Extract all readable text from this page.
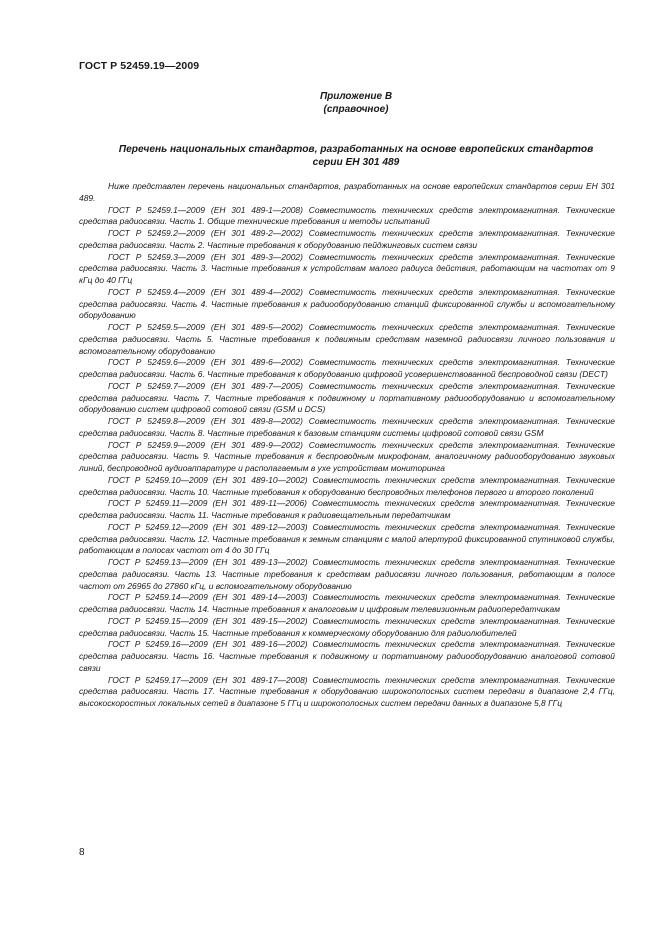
ГОСТ Р 52459.19—2009
Приложение В
(справочное)
Перечень национальных стандартов, разработанных на основе европейских стандартов
серии ЕН 301 489

Ниже представлен перечень национальных стандартов, разработанных на основе европейских стандартов серии ЕН 301 489.

ГОСТ Р 52459.1—2009 (ЕН 301 489-1—2008) Совместимость технических средств электромагнитная. Технические средства радиосвязи. Часть 1. Общие технические требования и методы испытаний

ГОСТ Р 52459.2—2009 (ЕН 301 489-2—2002) Совместимость технических средств электромагнитная. Технические средства радиосвязи. Часть 2. Частные требования к оборудованию пейджинговых систем связи

ГОСТ Р 52459.3—2009 (ЕН 301 489-3—2002) Совместимость технических средств электромагнитная. Технические средства радиосвязи. Часть 3. Частные требования к устройствам малого радиуса действия, работающим на частотах от 9 кГц до 40 ГГц

ГОСТ Р 52459.4—2009 (ЕН 301 489-4—2002) Совместимость технических средств электромагнитная. Технические средства радиосвязи. Часть 4. Частные требования к радиооборудованию станций фиксированной службы и вспомогательному оборудованию

ГОСТ Р 52459.5—2009 (ЕН 301 489-5—2002) Совместимость технических средств электромагнитная. Технические средства радиосвязи. Часть 5. Частные требования к подвижным средствам наземной радиосвязи личного пользования и вспомогательному оборудованию

ГОСТ Р 52459.6—2009 (ЕН 301 489-6—2002) Совместимость технических средств электромагнитная. Технические средства радиосвязи. Часть 6. Частные требования к оборудованию цифровой усовершенствованной беспроводной связи (DECT)

ГОСТ Р 52459.7—2009 (ЕН 301 489-7—2005) Совместимость технических средств электромагнитная. Технические средства радиосвязи. Часть 7. Частные требования к подвижному и портативному радиооборудованию и вспомогательному оборудованию систем цифровой сотовой связи (GSM и DCS)

ГОСТ Р 52459.8—2009 (ЕН 301 489-8—2002) Совместимость технических средств электромагнитная. Технические средства радиосвязи. Часть 8. Частные требования к базовым станциям системы цифровой сотовой связи GSM

ГОСТ Р 52459.9—2009 (ЕН 301 489-9—2002) Совместимость технических средств электромагнитная. Технические средства радиосвязи. Часть 9. Частные требования к беспроводным микрофонам, аналогичному радиооборудованию звуковых линий, беспроводной аудиоаппаратуре и располагаемым в ухе устройствам мониторинга

ГОСТ Р 52459.10—2009 (ЕН 301 489-10—2002) Совместимость технических средств электромагнитная. Технические средства радиосвязи. Часть 10. Частные требования к оборудованию беспроводных телефонов первого и второго поколений

ГОСТ Р 52459.11—2009 (ЕН 301 489-11—2006) Совместимость технических средств электромагнитная. Технические средства радиосвязи. Часть 11. Частные требования к радиовещательным передатчикам

ГОСТ Р 52459.12—2009 (ЕН 301 489-12—2003) Совместимость технических средств электромагнитная. Технические средства радиосвязи. Часть 12. Частные требования к земным станциям с малой апертурой фиксированной спутниковой службы, работающим в полосах частот от 4 до 30 ГГц

ГОСТ Р 52459.13—2009 (ЕН 301 489-13—2002) Совместимость технических средств электромагнитная. Технические средства радиосвязи. Часть 13. Частные требования к средствам радиосвязи личного пользования, работающим в полосе частот от 26965 до 27860 кГц, и вспомогательному оборудованию

ГОСТ Р 52459.14—2009 (ЕН 301 489-14—2003) Совместимость технических средств электромагнитная. Технические средства радиосвязи. Часть 14. Частные требования к аналоговым и цифровым телевизионным радиопередатчикам

ГОСТ Р 52459.15—2009 (ЕН 301 489-15—2002) Совместимость технических средств электромагнитная. Технические средства радиосвязи. Часть 15. Частные требования к коммерческому оборудованию для радиолюбителей

ГОСТ Р 52459.16—2009 (ЕН 301 489-16—2002) Совместимость технических средств электромагнитная. Технические средства радиосвязи. Часть 16. Частные требования к подвижному и портативному радиооборудованию аналоговой сотовой связи

ГОСТ Р 52459.17—2009 (ЕН 301 489-17—2008) Совместимость технических средств электромагнитная. Технические средства радиосвязи. Часть 17. Частные требования к оборудованию широкополосных систем передачи в диапазоне 2,4 ГГц, высокоскоростных локальных сетей в диапазоне 5 ГГц и широкополосных систем передачи данных в диапазоне 5,8 ГГц

8
